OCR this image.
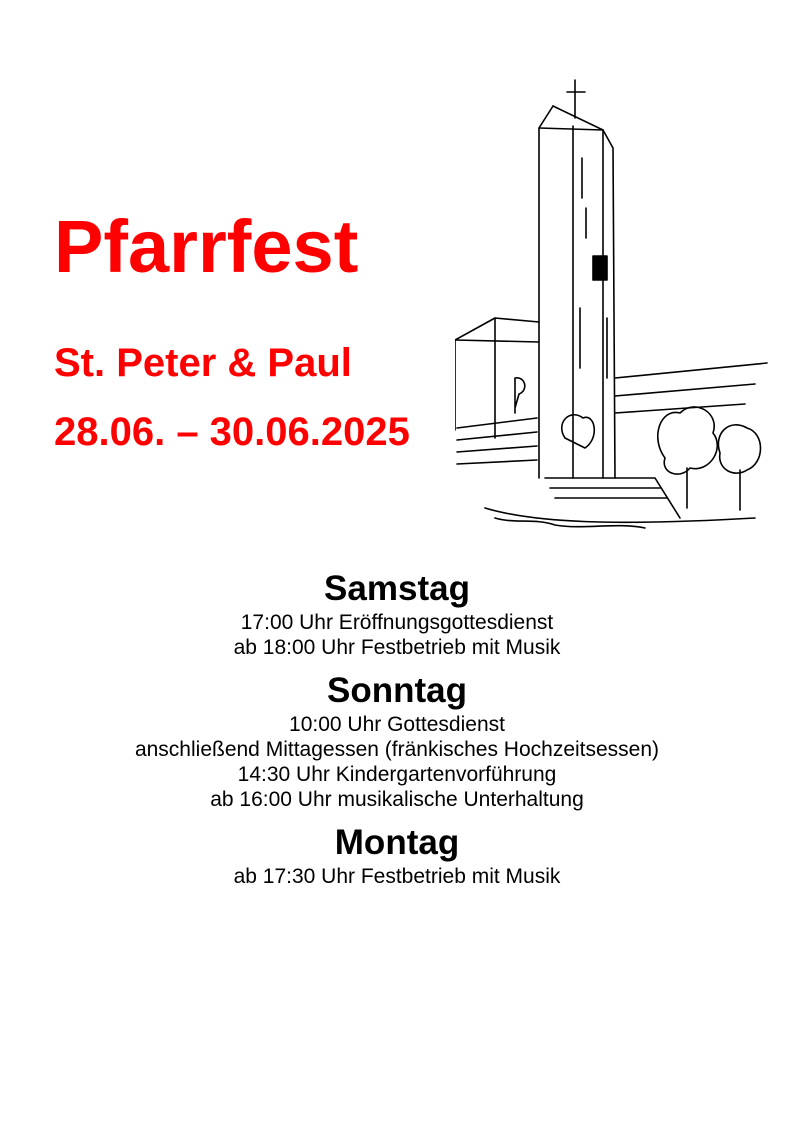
Pfarrfest
St. Peter & Paul
28.06. – 30.06.2025
Samstag

17:00 Uhr Eröffnungsgottesdienst

ab 18:00 Uhr Festbetrieb mit Musik

Sonntag

10:00 Uhr Gottesdienst

anschließend Mittagessen (fränkisches Hochzeitsessen)

14:30 Uhr Kindergartenvorführung

ab 16:00 Uhr musikalische Unterhaltung

Montag

ab 17:30 Uhr Festbetrieb mit Musik
